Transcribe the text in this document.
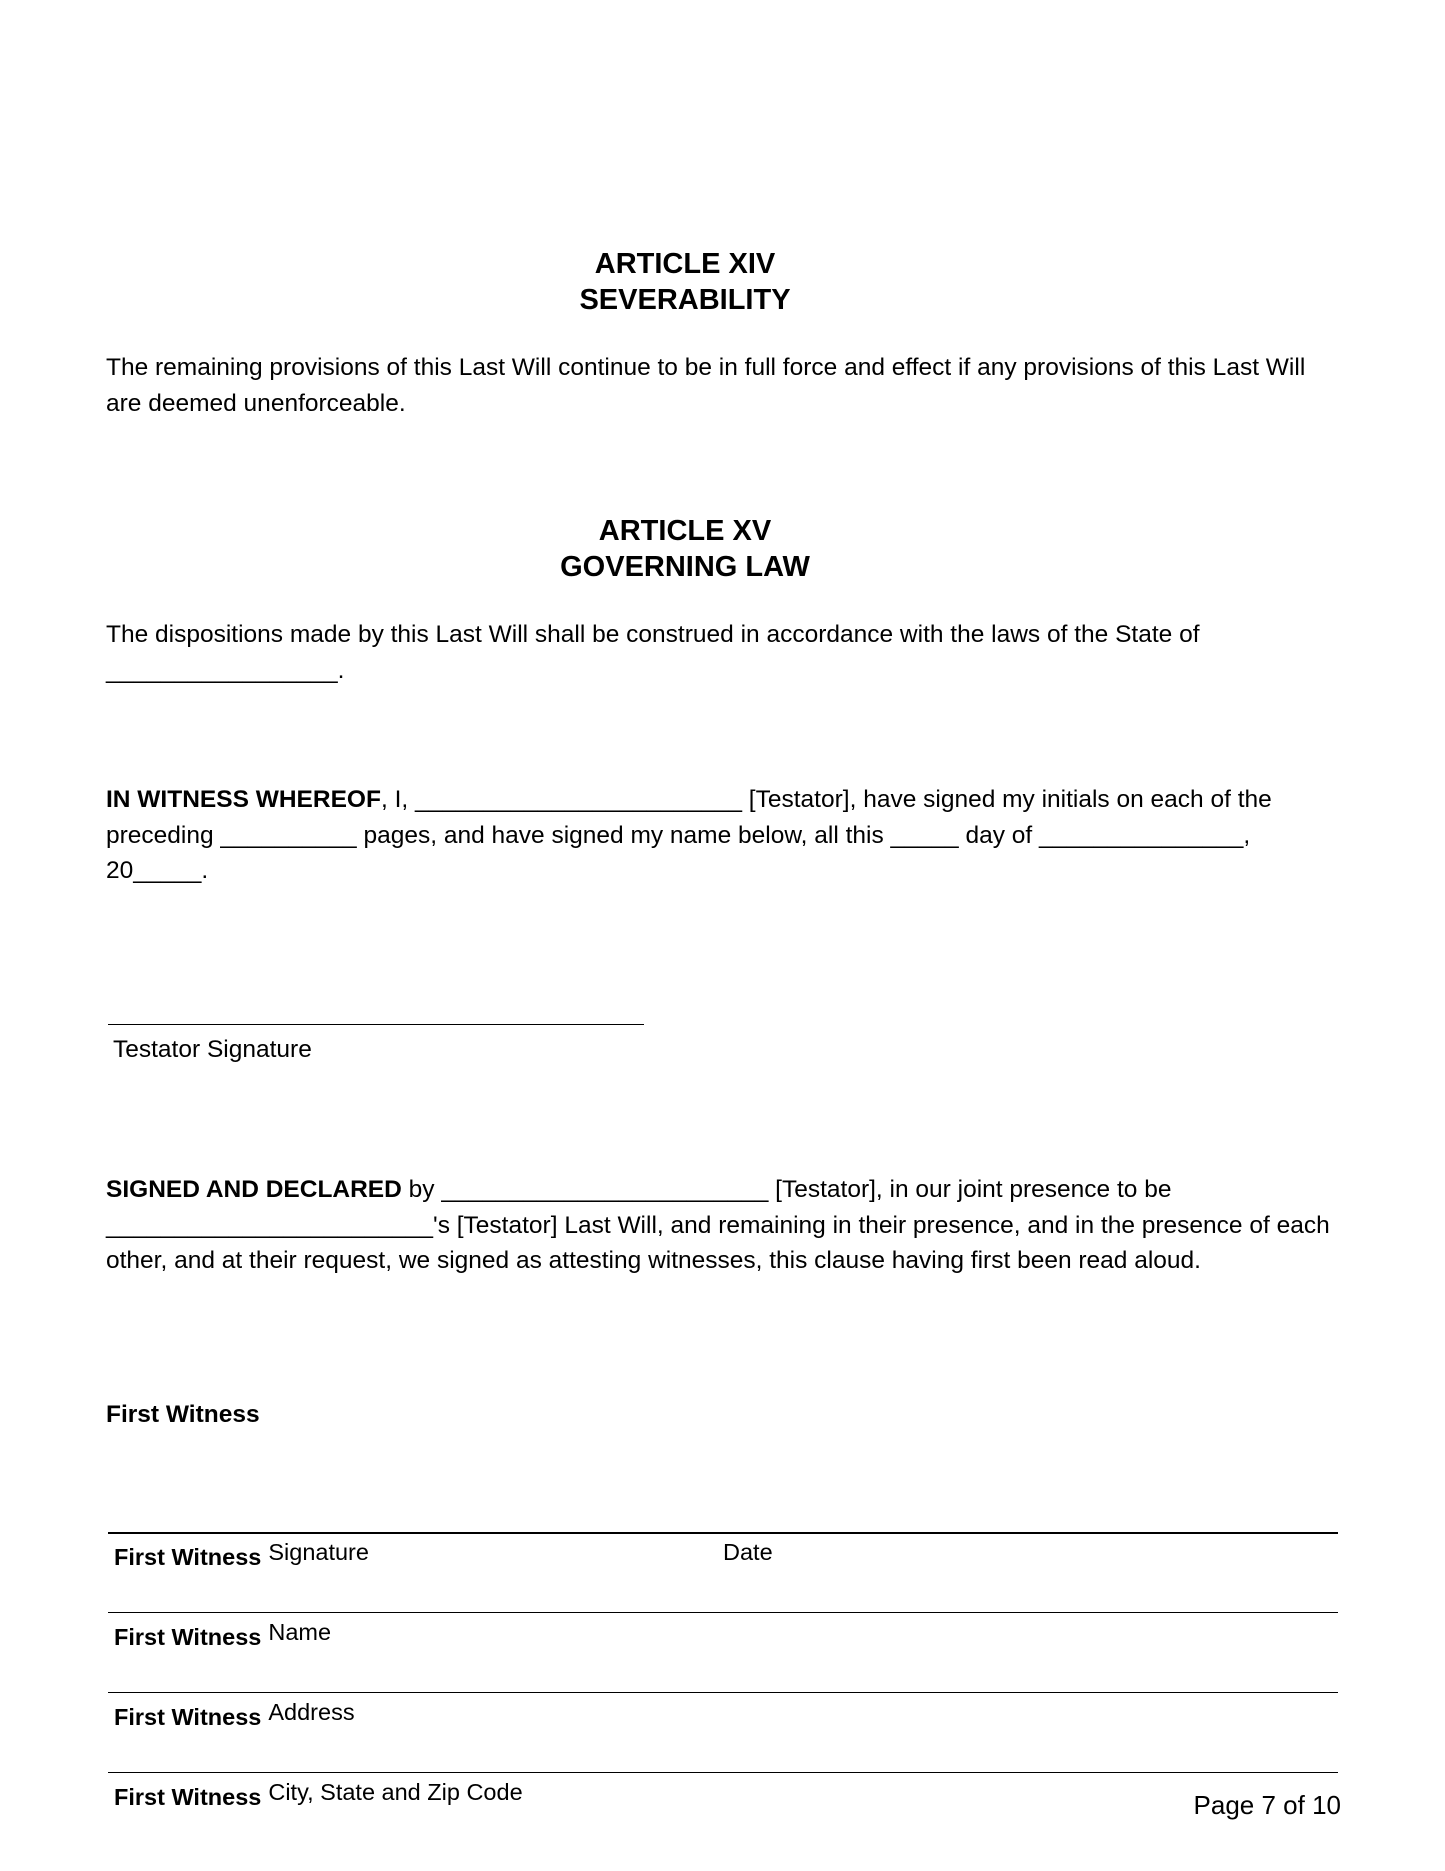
ARTICLE XIV
SEVERABILITY
The remaining provisions of this Last Will continue to be in full force and effect if any provisions of this Last Will
are deemed unenforceable.
ARTICLE XV
GOVERNING LAW
The dispositions made by this Last Will shall be construed in accordance with the laws of the State of
_________________.
IN WITNESS WHEREOF, I, ________________________ [Testator], have signed my initials on each of the
preceding __________ pages, and have signed my name below, all this _____ day of _______________,
20_____.
Testator Signature
SIGNED AND DECLARED by ________________________ [Testator], in our joint presence to be
________________________'s [Testator] Last Will, and remaining in their presence, and in the presence of each
other, and at their request, we signed as attesting witnesses, this clause having first been read aloud.
First Witness
First Witness Signature	Date
First Witness Name
First Witness Address
First Witness City, State and Zip Code	Page 7 of 10
